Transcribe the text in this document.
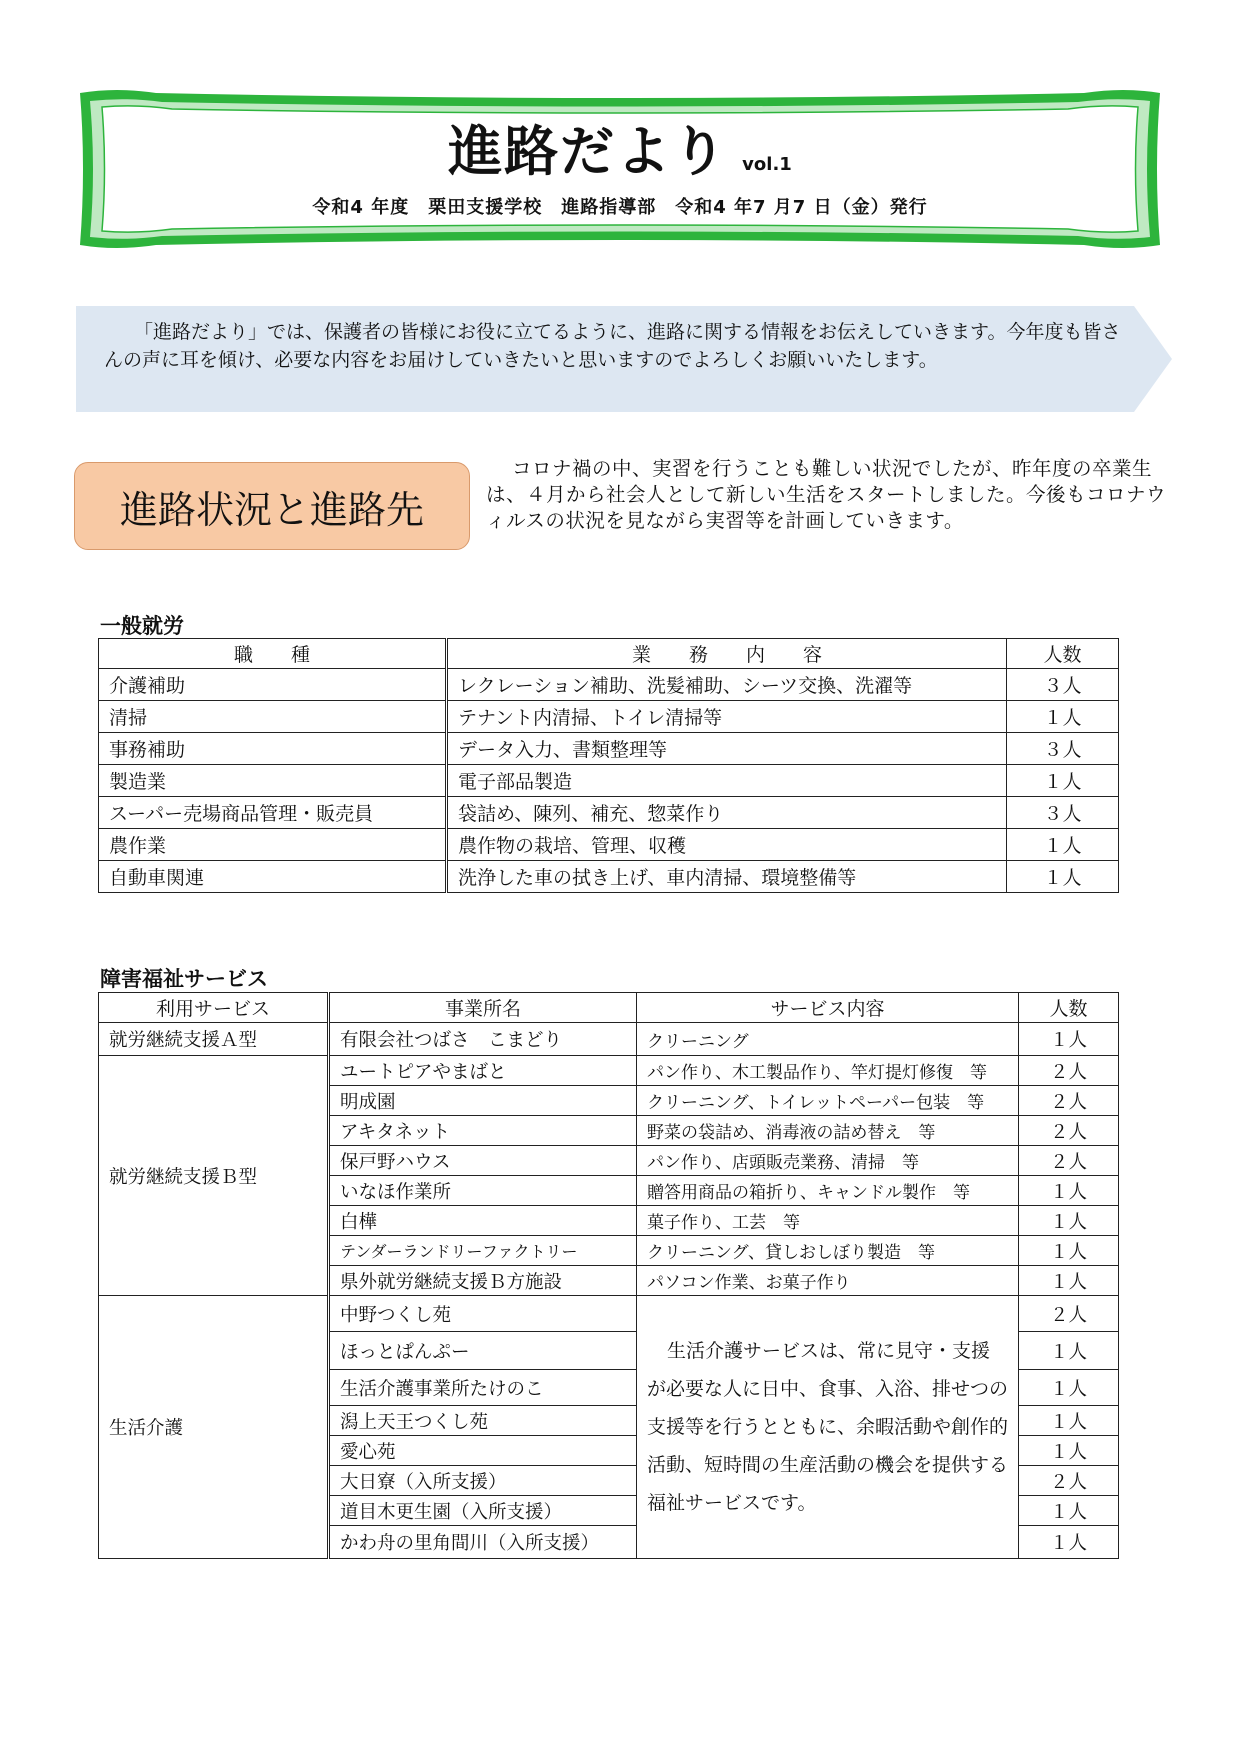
進路だより vol.1
令和4 年度　栗田支援学校　進路指導部　令和4 年7 月7 日（金）発行
「進路だより」では、保護者の皆様にお役に立てるように、進路に関する情報をお伝えしていきます。今年度も皆さんの声に耳を傾け、必要な内容をお届けしていきたいと思いますのでよろしくお願いいたします。
進路状況と進路先
コロナ禍の中、実習を行うことも難しい状況でしたが、昨年度の卒業生は、４月から社会人として新しい生活をスタートしました。今後もコロナウィルスの状況を見ながら実習等を計画していきます。
一般就労
職　　種	業　　務　　内　　容	人数
介護補助	レクレーション補助、洗髪補助、シーツ交換、洗濯等	３人
清掃	テナント内清掃、トイレ清掃等	１人
事務補助	データ入力、書類整理等	３人
製造業	電子部品製造	１人
スーパー売場商品管理・販売員	袋詰め、陳列、補充、惣菜作り	３人
農作業	農作物の栽培、管理、収穫	１人
自動車関連	洗浄した車の拭き上げ、車内清掃、環境整備等	１人
障害福祉サービス
利用サービス	事業所名	サービス内容	人数
就労継続支援Ａ型	有限会社つばさ　こまどり	クリーニング	１人
就労継続支援Ｂ型	ユートピアやまばと	パン作り、木工製品作り、竿灯提灯修復　等	２人
	明成園	クリーニング、トイレットペーパー包装　等	２人
	アキタネット	野菜の袋詰め、消毒液の詰め替え　等	２人
	保戸野ハウス	パン作り、店頭販売業務、清掃　等	２人
	いなほ作業所	贈答用商品の箱折り、キャンドル製作　等	１人
	白樺	菓子作り、工芸　等	１人
	テンダーランドリーファクトリー	クリーニング、貸しおしぼり製造　等	１人
	県外就労継続支援Ｂ方施設	パソコン作業、お菓子作り	１人
生活介護	中野つくし苑	生活介護サービスは、常に見守・支援が必要な人に日中、食事、入浴、排せつの支援等を行うとともに、余暇活動や創作的活動、短時間の生産活動の機会を提供する福祉サービスです。	２人
	ほっとぱんぷー		１人
	生活介護事業所たけのこ		１人
	潟上天王つくし苑		１人
	愛心苑		１人
	大日寮（入所支援）		２人
	道目木更生園（入所支援）		１人
	かわ舟の里角間川（入所支援）		１人
